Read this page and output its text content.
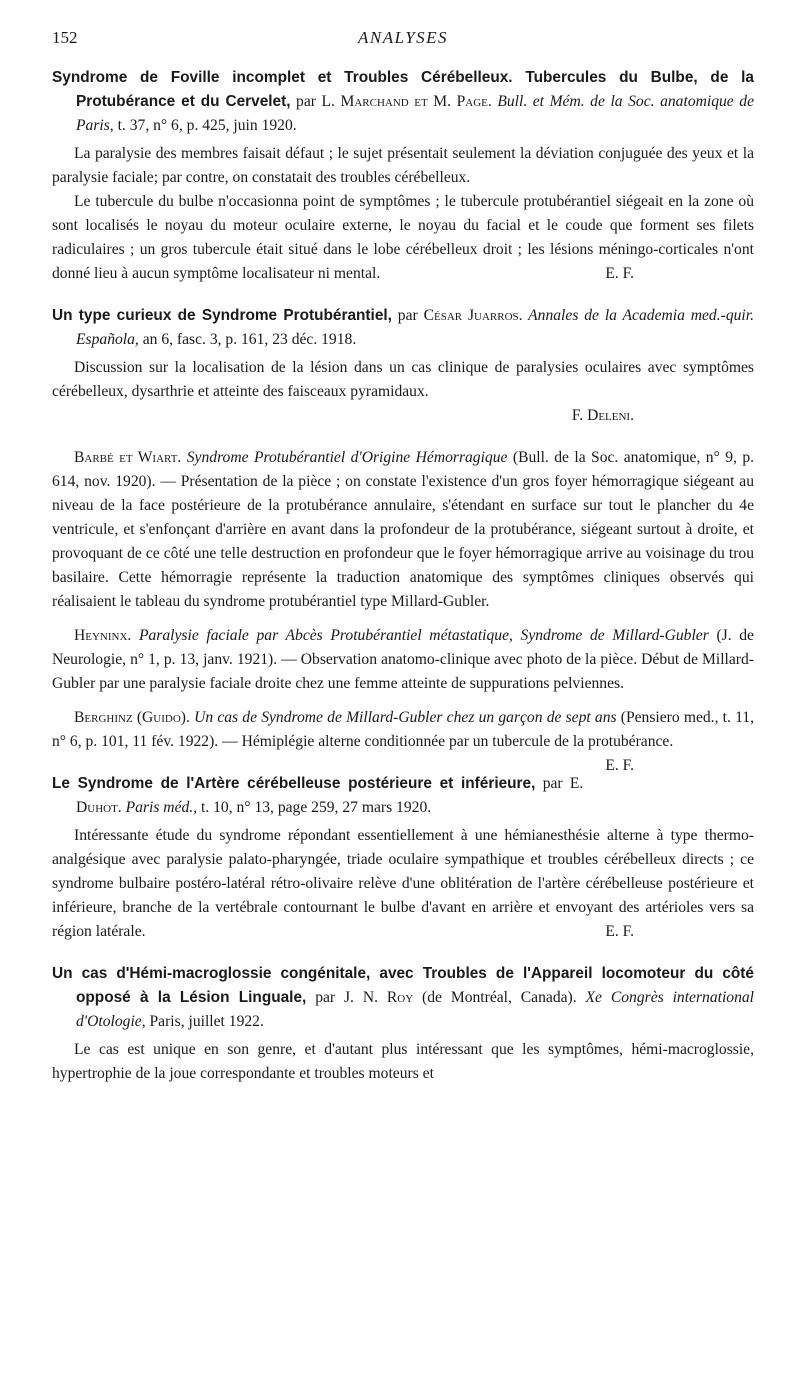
152	ANALYSES

Syndrome de Foville incomplet et Troubles Cérébelleux. Tubercules du Bulbe, de la Protubérance et du Cervelet, par L. Marchand et M. Page. Bull. et Mém. de la Soc. anatomique de Paris, t. 37, n° 6, p. 425, juin 1920.

La paralysie des membres faisait défaut ; le sujet présentait seulement la déviation conjuguée des yeux et la paralysie faciale; par contre, on constatait des troubles cérébelleux.

Le tubercule du bulbe n'occasionna point de symptômes ; le tubercule protubérantiel siégeait en la zone où sont localisés le noyau du moteur oculaire externe, le noyau du facial et le coude que forment ses filets radiculaires ; un gros tubercule était situé dans le lobe cérébelleux droit ; les lésions méningo-corticales n'ont donné lieu à aucun symptôme localisateur ni mental.	E. F.

Un type curieux de Syndrome Protubérantiel, par César Juarros. Annales de la Academia med.-quir. Española, an 6, fasc. 3, p. 161, 23 déc. 1918.

Discussion sur la localisation de la lésion dans un cas clinique de paralysies oculaires avec symptômes cérébelleux, dysarthrie et atteinte des faisceaux pyramidaux.

F. Deleni.

Barbé et Wiart. Syndrome Protubérantiel d'Origine Hémorragique (Bull. de la Soc. anatomique, n° 9, p. 614, nov. 1920). — Présentation de la pièce ; on constate l'existence d'un gros foyer hémorragique siégeant au niveau de la face postérieure de la protubérance annulaire, s'étendant en surface sur tout le plancher du 4e ventricule, et s'enfonçant d'arrière en avant dans la profondeur de la protubérance, siégeant surtout à droite, et provoquant de ce côté une telle destruction en profondeur que le foyer hémorragique arrive au voisinage du trou basilaire. Cette hémorragie représente la traduction anatomique des symptômes cliniques observés qui réalisaient le tableau du syndrome protubérantiel type Millard-Gubler.

Heyninx. Paralysie faciale par Abcès Protubérantiel métastatique, Syndrome de Millard-Gubler (J. de Neurologie, n° 1, p. 13, janv. 1921). — Observation anatomo-clinique avec photo de la pièce. Début de Millard-Gubler par une paralysie faciale droite chez une femme atteinte de suppurations pelviennes.

Berghinz (Guido). Un cas de Syndrome de Millard-Gubler chez un garçon de sept ans (Pensiero med., t. 11, n° 6, p. 101, 11 fév. 1922). — Hémiplégie alterne conditionnée par un tubercule de la protubérance.
E. F.

Le Syndrome de l'Artère cérébelleuse postérieure et inférieure, par E. Duhot. Paris méd., t. 10, n° 13, page 259, 27 mars 1920.

Intéressante étude du syndrome répondant essentiellement à une hémianesthésie alterne à type thermo-analgésique avec paralysie palato-pharyngée, triade oculaire sympathique et troubles cérébelleux directs ; ce syndrome bulbaire postéro-latéral rétro-olivaire relève d'une oblitération de l'artère cérébelleuse postérieure et inférieure, branche de la vertébrale contournant le bulbe d'avant en arrière et envoyant des artérioles vers sa région latérale.	E. F.

Un cas d'Hémi-macroglossie congénitale, avec Troubles de l'Appareil locomoteur du côté opposé à la Lésion Linguale, par J. N. Roy (de Montréal, Canada). Xe Congrès international d'Otologie, Paris, juillet 1922.

Le cas est unique en son genre, et d'autant plus intéressant que les symptômes, hémi-macroglossie, hypertrophie de la joue correspondante et troubles moteurs et
